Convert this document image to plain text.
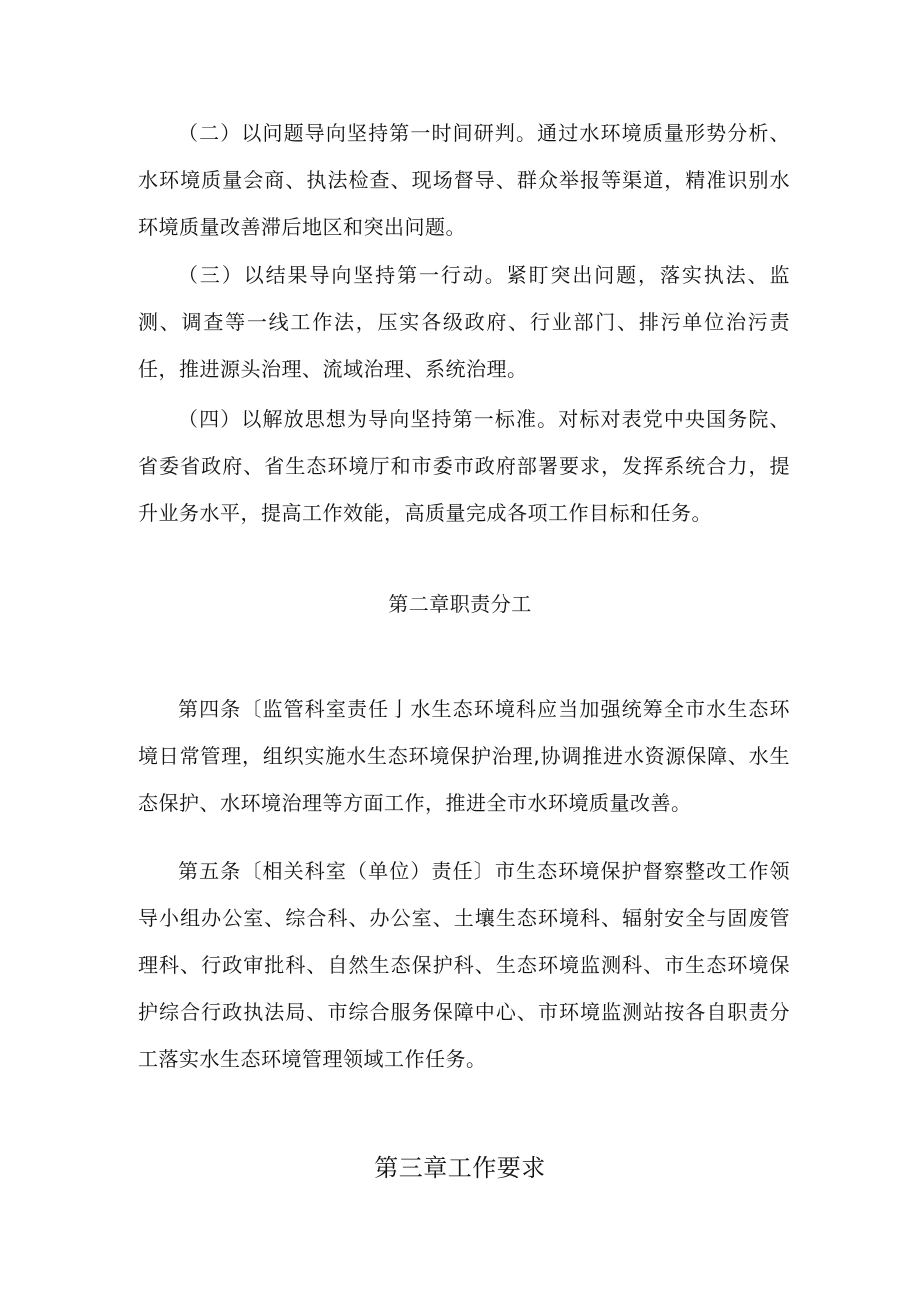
（二）以问题导向坚持第一时间研判。通过水环境质量形势分析、水环境质量会商、执法检查、现场督导、群众举报等渠道，精准识别水环境质量改善滞后地区和突出问题。

（三）以结果导向坚持第一行动。紧盯突出问题，落实执法、监测、调查等一线工作法，压实各级政府、行业部门、排污单位治污责任，推进源头治理、流域治理、系统治理。

（四）以解放思想为导向坚持第一标准。对标对表党中央国务院、省委省政府、省生态环境厅和市委市政府部署要求，发挥系统合力，提升业务水平，提高工作效能，高质量完成各项工作目标和任务。

第二章职责分工

第四条〔监管科室责任亅水生态环境科应当加强统筹全市水生态环境日常管理，组织实施水生态环境保护治理,协调推进水资源保障、水生态保护、水环境治理等方面工作，推进全市水环境质量改善。

第五条〔相关科室（单位）责任〕市生态环境保护督察整改工作领导小组办公室、综合科、办公室、土壤生态环境科、辐射安全与固废管理科、行政审批科、自然生态保护科、生态环境监测科、市生态环境保护综合行政执法局、市综合服务保障中心、市环境监测站按各自职责分工落实水生态环境管理领域工作任务。

第三章工作要求
